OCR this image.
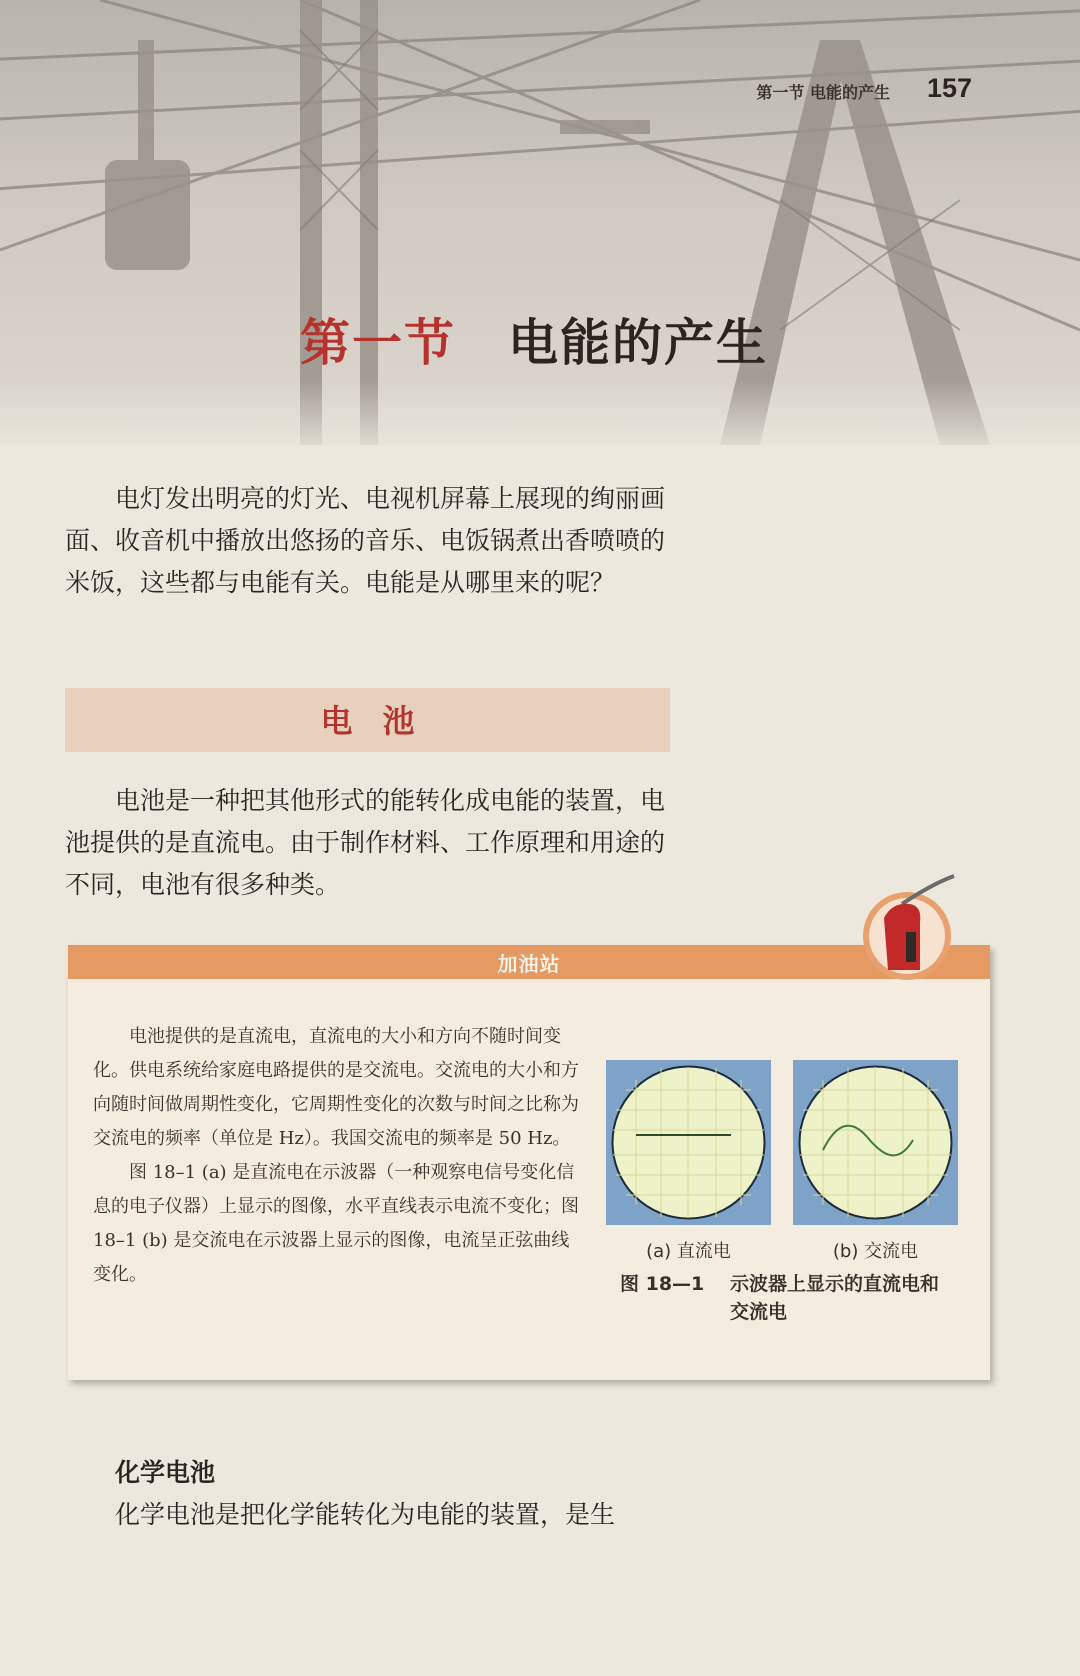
第一节 电能的产生 157
第一节 电能的产生

电灯发出明亮的灯光、电视机屏幕上展现的绚丽画面、收音机中播放出悠扬的音乐、电饭锅煮出香喷喷的米饭，这些都与电能有关。电能是从哪里来的呢？

电池

电池是一种把其他形式的能转化成电能的装置，电池提供的是直流电。由于制作材料、工作原理和用途的不同，电池有很多种类。

加油站

电池提供的是直流电，直流电的大小和方向不随时间变化。供电系统给家庭电路提供的是交流电。交流电的大小和方向随时间做周期性变化，它周期性变化的次数与时间之比称为交流电的频率（单位是 Hz）。我国交流电的频率是 50 Hz。

图 18–1 (a) 是直流电在示波器（一种观察电信号变化信息的电子仪器）上显示的图像，水平直线表示电流不变化；图 18–1 (b) 是交流电在示波器上显示的图像，电流呈正弦曲线变化。

(a) 直流电	(b) 交流电
图 18—1 示波器上显示的直流电和交流电
化学电池
化学电池是把化学能转化为电能的装置，是生
